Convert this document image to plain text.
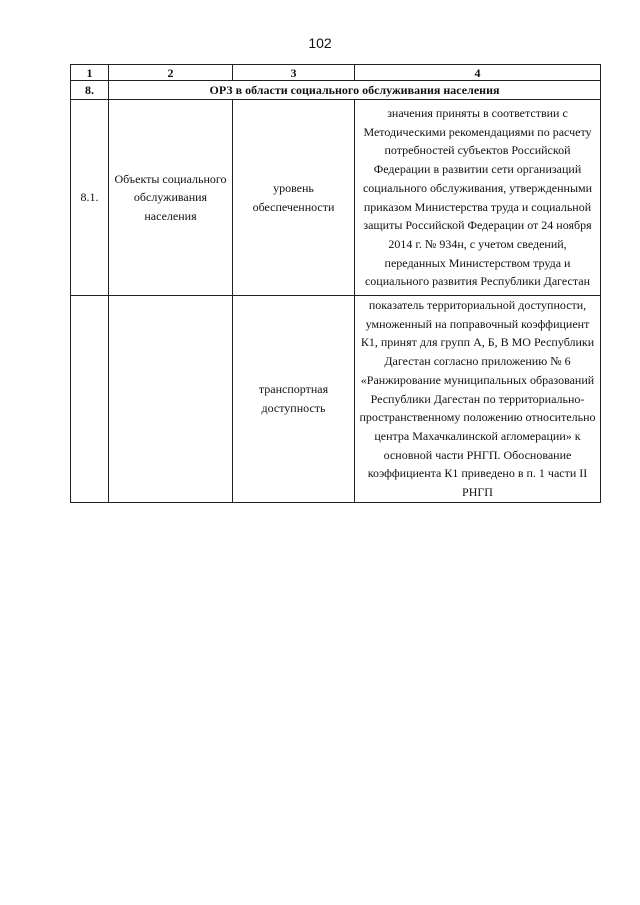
102
1	2	3	4
8.	ОРЗ в области социального обслуживания населения		
8.1.	Объекты социального обслуживания населения	уровень обеспеченности	значения приняты в соответствии с Методическими рекомендациями по расчету потребностей субъектов Российской Федерации в развитии сети организаций социального обслуживания, утвержденными приказом Министерства труда и социальной защиты Российской Федерации от 24 ноября 2014 г. № 934н, с учетом сведений, переданных Министерством труда и социального развития Республики Дагестан
		транспортная доступность	показатель территориальной доступности, умноженный на поправочный коэффициент К1, принят для групп А, Б, В МО Республики Дагестан согласно приложению № 6 «Ранжирование муниципальных образований Республики Дагестан по территориально-пространственному положению относительно центра Махачкалинской агломерации» к основной части РНГП. Обоснование коэффициента К1 приведено в п. 1 части II РНГП
